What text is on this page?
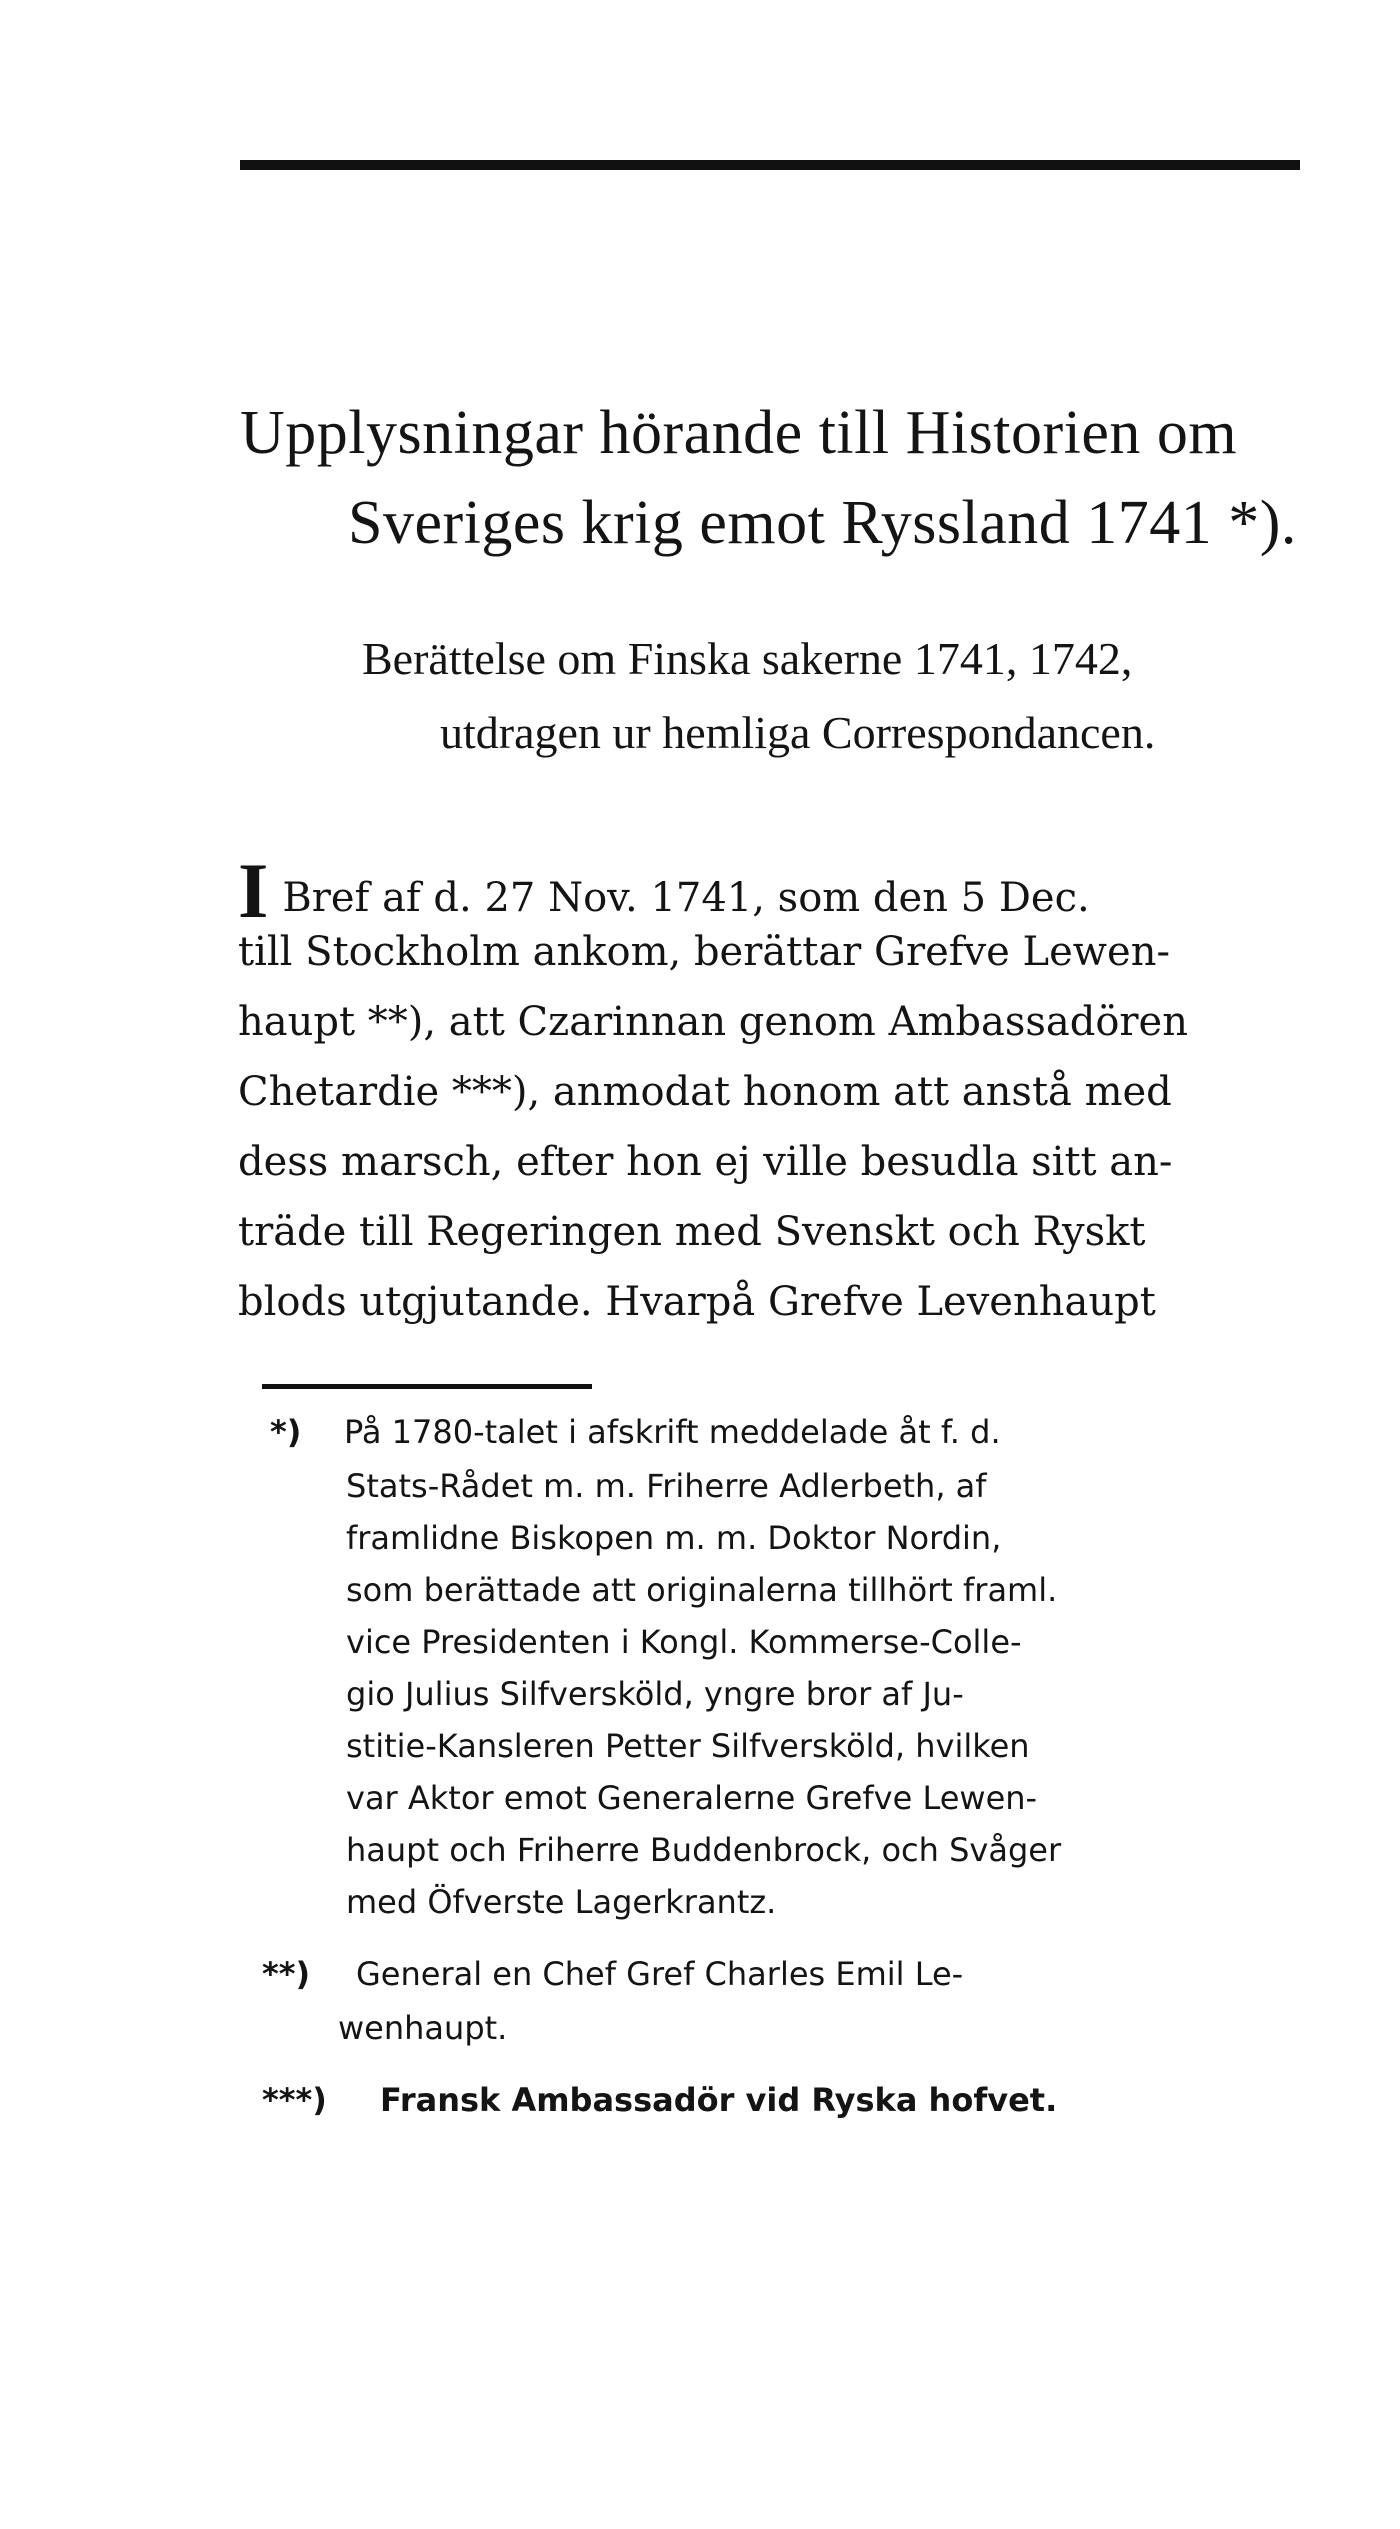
Upplysningar hörande till Historien om
Sveriges krig emot Ryssland 1741 *).
Berättelse om Finska sakerne 1741, 1742,
utdragen ur hemliga Correspondancen.
I Bref af d. 27 Nov. 1741, som den 5 Dec.
till Stockholm ankom, berättar Grefve Lewen-
haupt **), att Czarinnan genom Ambassadören
Chetardie ***), anmodat honom att anstå med
dess marsch, efter hon ej ville besudla sitt an-
träde till Regeringen med Svenskt och Ryskt
blods utgjutande. Hvarpå Grefve Levenhaupt
*) På 1780-talet i afskrift meddelade åt f. d.
Stats-Rådet m. m. Friherre Adlerbeth, af
framlidne Biskopen m. m. Doktor Nordin,
som berättade att originalerna tillhört framl.
vice Presidenten i Kongl. Kommerse-Colle-
gio Julius Silfversköld, yngre bror af Ju-
stitie-Kansleren Petter Silfversköld, hvilken
var Aktor emot Generalerne Grefve Lewen-
haupt och Friherre Buddenbrock, och Svåger
med Öfverste Lagerkrantz.
**) General en Chef Gref Charles Emil Le-
wenhaupt.
***) Fransk Ambassadör vid Ryska hofvet.
